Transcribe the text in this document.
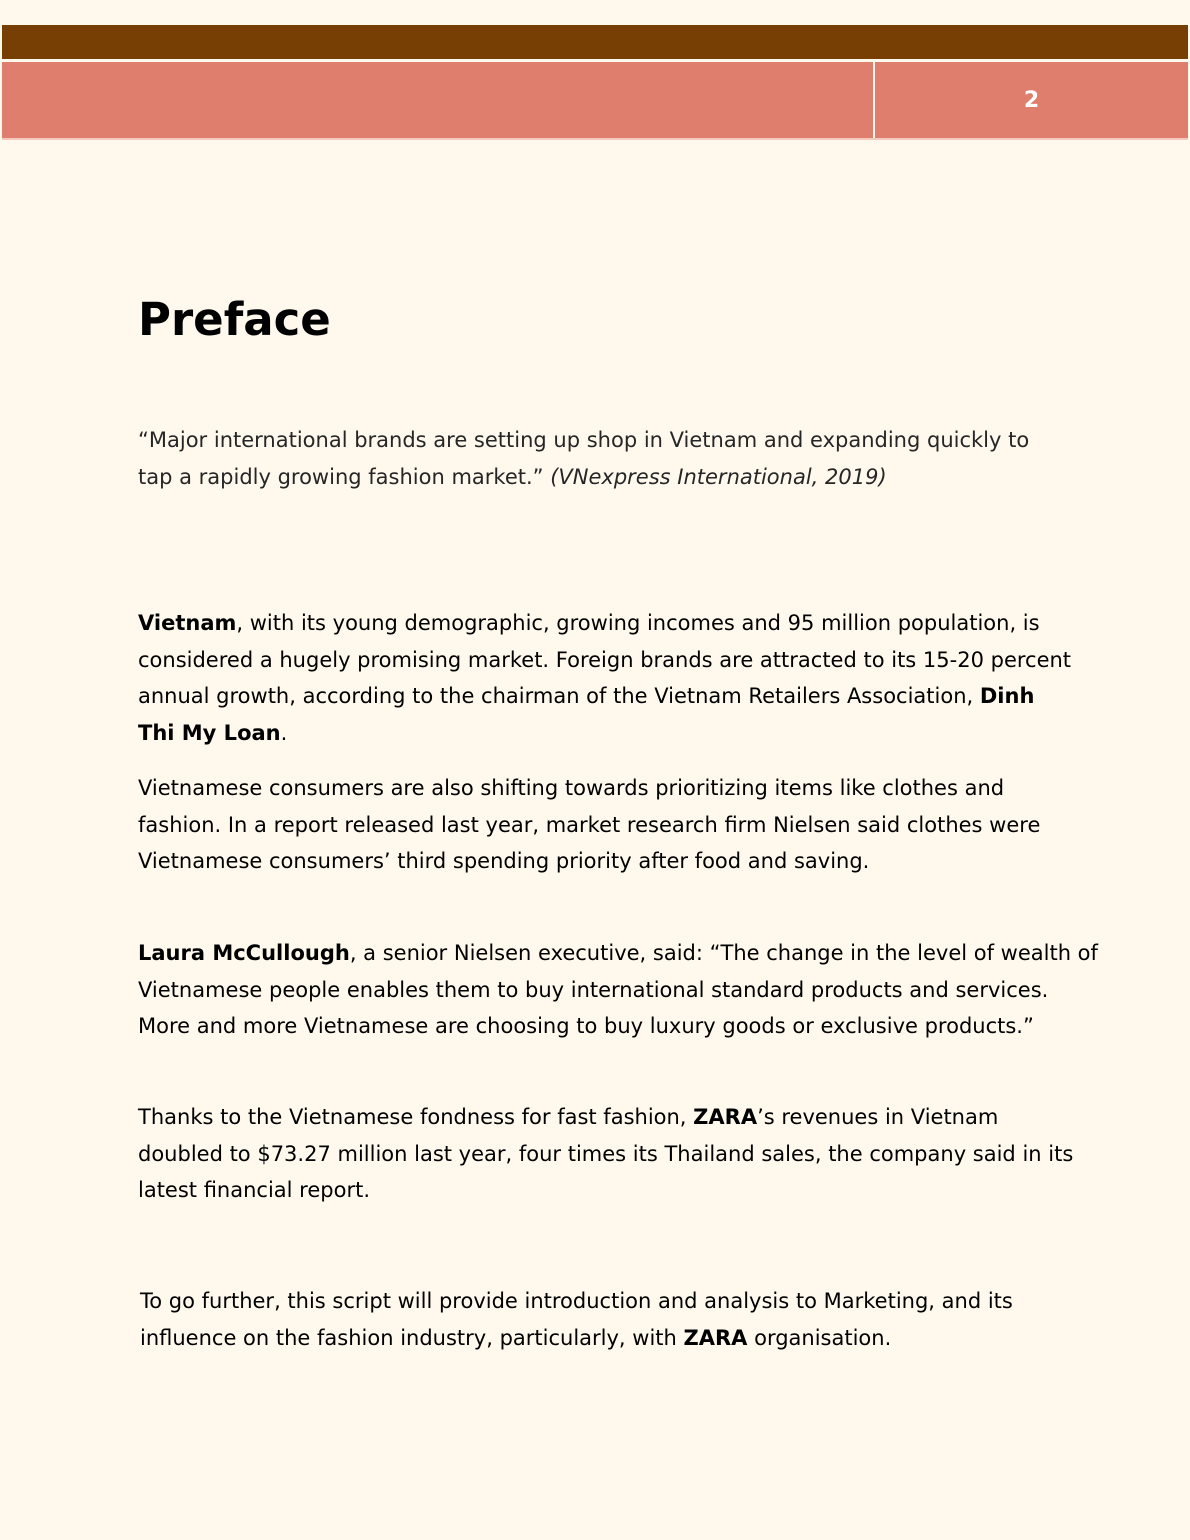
2
Preface

“Major international brands are setting up shop in Vietnam and expanding quickly to tap a rapidly growing fashion market.” (VNexpress International, 2019)

Vietnam, with its young demographic, growing incomes and 95 million population, is considered a hugely promising market. Foreign brands are attracted to its 15-20 percent annual growth, according to the chairman of the Vietnam Retailers Association, Dinh Thi My Loan.

Vietnamese consumers are also shifting towards prioritizing items like clothes and fashion. In a report released last year, market research firm Nielsen said clothes were Vietnamese consumers’ third spending priority after food and saving.

Laura McCullough, a senior Nielsen executive, said: “The change in the level of wealth of Vietnamese people enables them to buy international standard products and services. More and more Vietnamese are choosing to buy luxury goods or exclusive products.”

Thanks to the Vietnamese fondness for fast fashion, ZARA’s revenues in Vietnam doubled to $73.27 million last year, four times its Thailand sales, the company said in its latest financial report.

To go further, this script will provide introduction and analysis to Marketing, and its influence on the fashion industry, particularly, with ZARA organisation.
